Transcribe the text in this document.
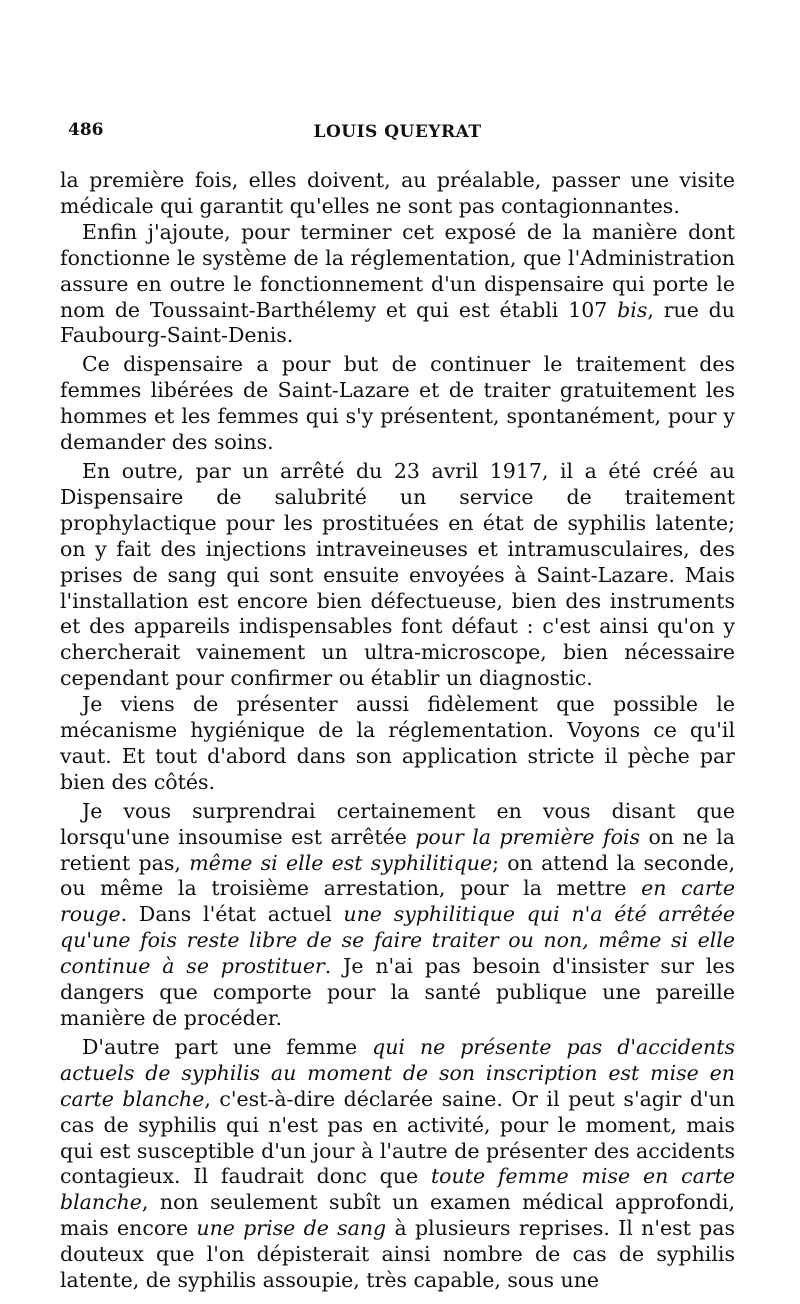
486	LOUIS QUEYRAT

la première fois, elles doivent, au préalable, passer une visite médicale qui garantit qu'elles ne sont pas contagionnantes.

Enfin j'ajoute, pour terminer cet exposé de la manière dont fonctionne le système de la réglementation, que l'Administration assure en outre le fonctionnement d'un dispensaire qui porte le nom de Toussaint-Barthélemy et qui est établi 107 bis, rue du Faubourg-Saint-Denis.

Ce dispensaire a pour but de continuer le traitement des femmes libérées de Saint-Lazare et de traiter gratuitement les hommes et les femmes qui s'y présentent, spontanément, pour y demander des soins.

En outre, par un arrêté du 23 avril 1917, il a été créé au Dispensaire de salubrité un service de traitement prophylactique pour les prostituées en état de syphilis latente; on y fait des injections intraveineuses et intramusculaires, des prises de sang qui sont ensuite envoyées à Saint-Lazare. Mais l'installation est encore bien défectueuse, bien des instruments et des appareils indispensables font défaut : c'est ainsi qu'on y chercherait vainement un ultra-microscope, bien nécessaire cependant pour confirmer ou établir un diagnostic.

Je viens de présenter aussi fidèlement que possible le mécanisme hygiénique de la réglementation. Voyons ce qu'il vaut. Et tout d'abord dans son application stricte il pèche par bien des côtés.

Je vous surprendrai certainement en vous disant que lorsqu'une insoumise est arrêtée pour la première fois on ne la retient pas, même si elle est syphilitique; on attend la seconde, ou même la troisième arrestation, pour la mettre en carte rouge. Dans l'état actuel une syphilitique qui n'a été arrêtée qu'une fois reste libre de se faire traiter ou non, même si elle continue à se prostituer. Je n'ai pas besoin d'insister sur les dangers que comporte pour la santé publique une pareille manière de procéder.

D'autre part une femme qui ne présente pas d'accidents actuels de syphilis au moment de son inscription est mise en carte blanche, c'est-à-dire déclarée saine. Or il peut s'agir d'un cas de syphilis qui n'est pas en activité, pour le moment, mais qui est susceptible d'un jour à l'autre de présenter des accidents contagieux. Il faudrait donc que toute femme mise en carte blanche, non seulement subît un examen médical approfondi, mais encore une prise de sang à plusieurs reprises. Il n'est pas douteux que l'on dépisterait ainsi nombre de cas de syphilis latente, de syphilis assoupie, très capable, sous une
